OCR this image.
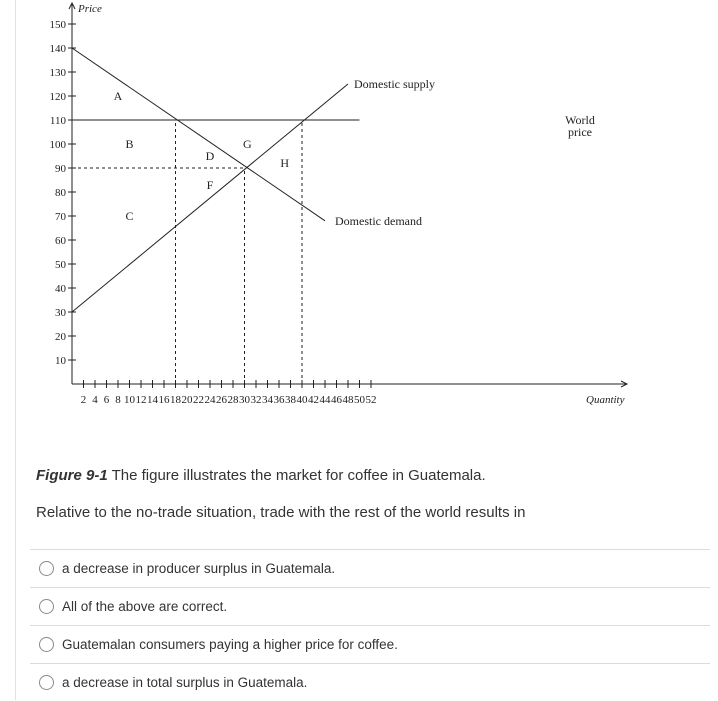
10
20
30
40
50
60
70
80
90
100
110
120
130
140
150
2 4 6 8 10 12 14 16 18 20 22 24 26 28 30 32 34 36 38 40 42 44 46 48 50 52
Price
Quantity
Domestic supply
Domestic demand
World
price
A
B
C
D
F
G
H
Figure 9-1 The figure illustrates the market for coffee in Guatemala.
Relative to the no-trade situation, trade with the rest of the world results in
a decrease in producer surplus in Guatemala.
All of the above are correct.
Guatemalan consumers paying a higher price for coffee.
a decrease in total surplus in Guatemala.
